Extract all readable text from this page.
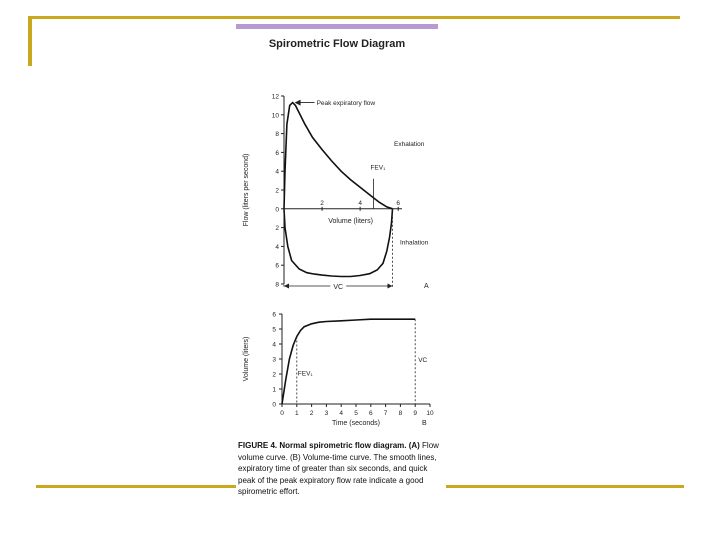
Spirometric Flow Diagram
12
10
8
6
4
2
0
2
4
6
8
2	4	6
Flow (liters per second)	Volume (liters)
VC
FEV₁
Peak expiratory flow
Exhalation
Inhalation
A
0
1
2
3
4
5
6
0 1 2 3 4 5 6 7 8 9 10
Volume (liters)
Time (seconds)
FEV₁
VC
B
FIGURE 4. Normal spirometric flow diagram. (A) Flow volume curve. (B) Volume-time curve. The smooth lines, expiratory time of greater than six seconds, and quick peak of the peak expiratory flow rate indicate a good spirometric effort.
